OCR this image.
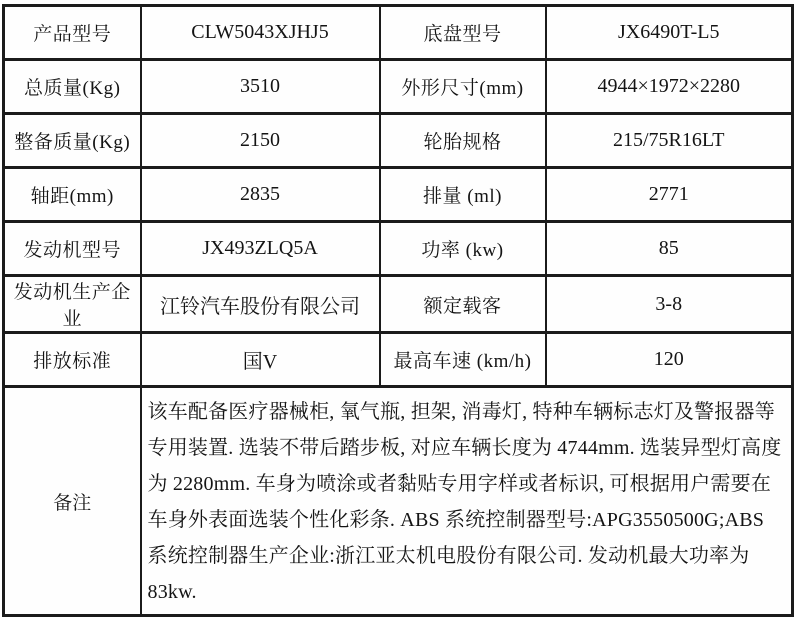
产品型号	CLW5043XJHJ5	底盘型号	JX6490T-L5
总质量(Kg)	3510	外形尺寸(mm)	4944×1972×2280
整备质量(Kg)	2150	轮胎规格	215/75R16LT
轴距(mm)	2835	排量 (ml)	2771
发动机型号	JX493ZLQ5A	功率 (kw)	85
发动机生产企业	江铃汽车股份有限公司	额定载客	3-8
排放标准	国V	最高车速 (km/h)	120
备注	该车配备医疗器械柜, 氧气瓶, 担架, 消毒灯, 特种车辆标志灯及警报器等专用装置. 选装不带后踏步板, 对应车辆长度为 4744mm. 选装异型灯高度为 2280mm. 车身为喷涂或者黏贴专用字样或者标识, 可根据用户需要在车身外表面选装个性化彩条. ABS 系统控制器型号:APG3550500G;ABS 系统控制器生产企业:浙江亚太机电股份有限公司. 发动机最大功率为 83kw.		
